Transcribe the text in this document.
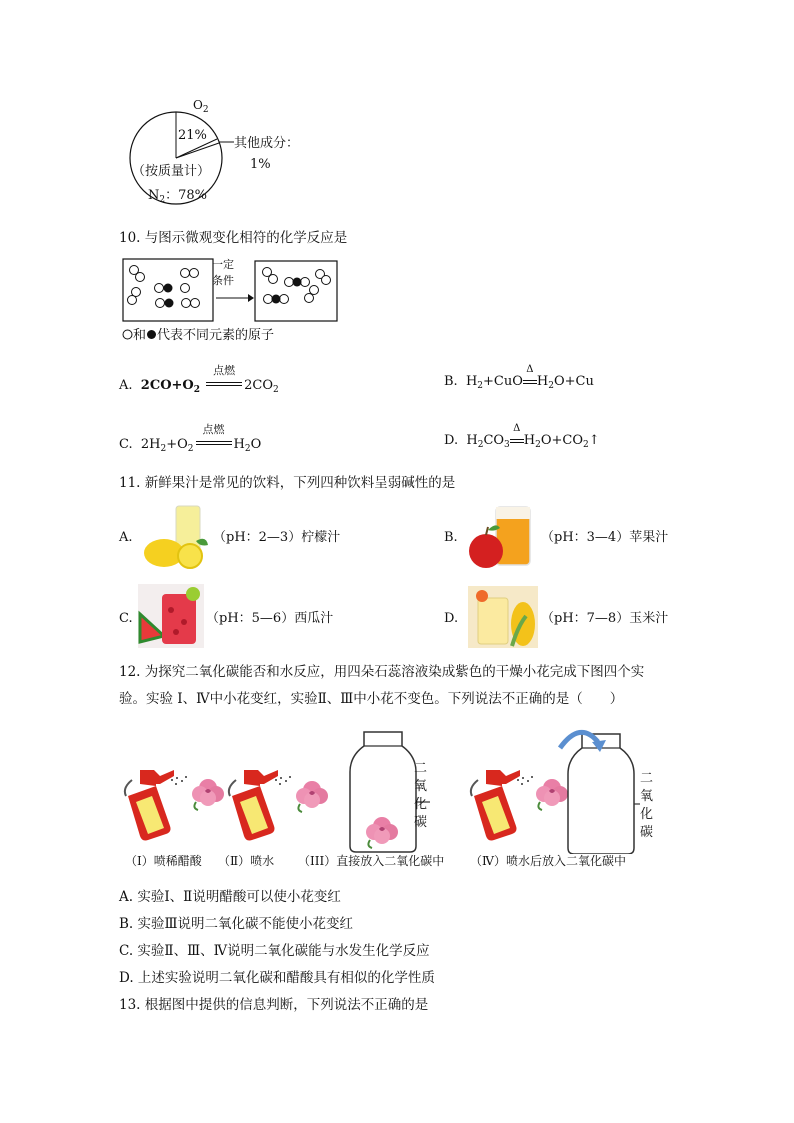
$O_2$
21%
（按质量计）
$N_2$：78%
其他成分：
1%
10. 与图示微观变化相符的化学反应是
一定
条件
和 代表不同元素的原子
A. $2CO+O_2$
点燃
$2CO_2$
B. $H_2+CuO$
Δ
$H_2O+Cu$
C. $2H_2+O_2$
点燃
$H_2O$	D. $H_2CO_3$
Δ
$H_2O+CO_2↑$
11. 新鲜果汁是常见的饮料，下列四种饮料呈弱碱性的是
A.	（pH：2—3）柠檬汁	B.	（pH：3—4）苹果汁
C.	（pH：5—6）西瓜汁	D.	（pH：7—8）玉米汁
12. 为探究二氧化碳能否和水反应，用四朵石蕊溶液染成紫色的干燥小花完成下图四个实
验。实验 I、Ⅳ中小花变红，实验Ⅱ、Ⅲ中小花不变色。下列说法不正确的是（　　）
二
氧
化
碳
二
氧
化
碳
（I）喷稀醋酸 （Ⅱ）喷水 （III）直接放入二氧化碳中 （Ⅳ）喷水后放入二氧化碳中
A. 实验Ⅰ、Ⅱ说明醋酸可以使小花变红
B. 实验Ⅲ说明二氧化碳不能使小花变红
C. 实验Ⅱ、Ⅲ、Ⅳ说明二氧化碳能与水发生化学反应
D. 上述实验说明二氧化碳和醋酸具有相似的化学性质
13. 根据图中提供的信息判断，下列说法不正确的是
